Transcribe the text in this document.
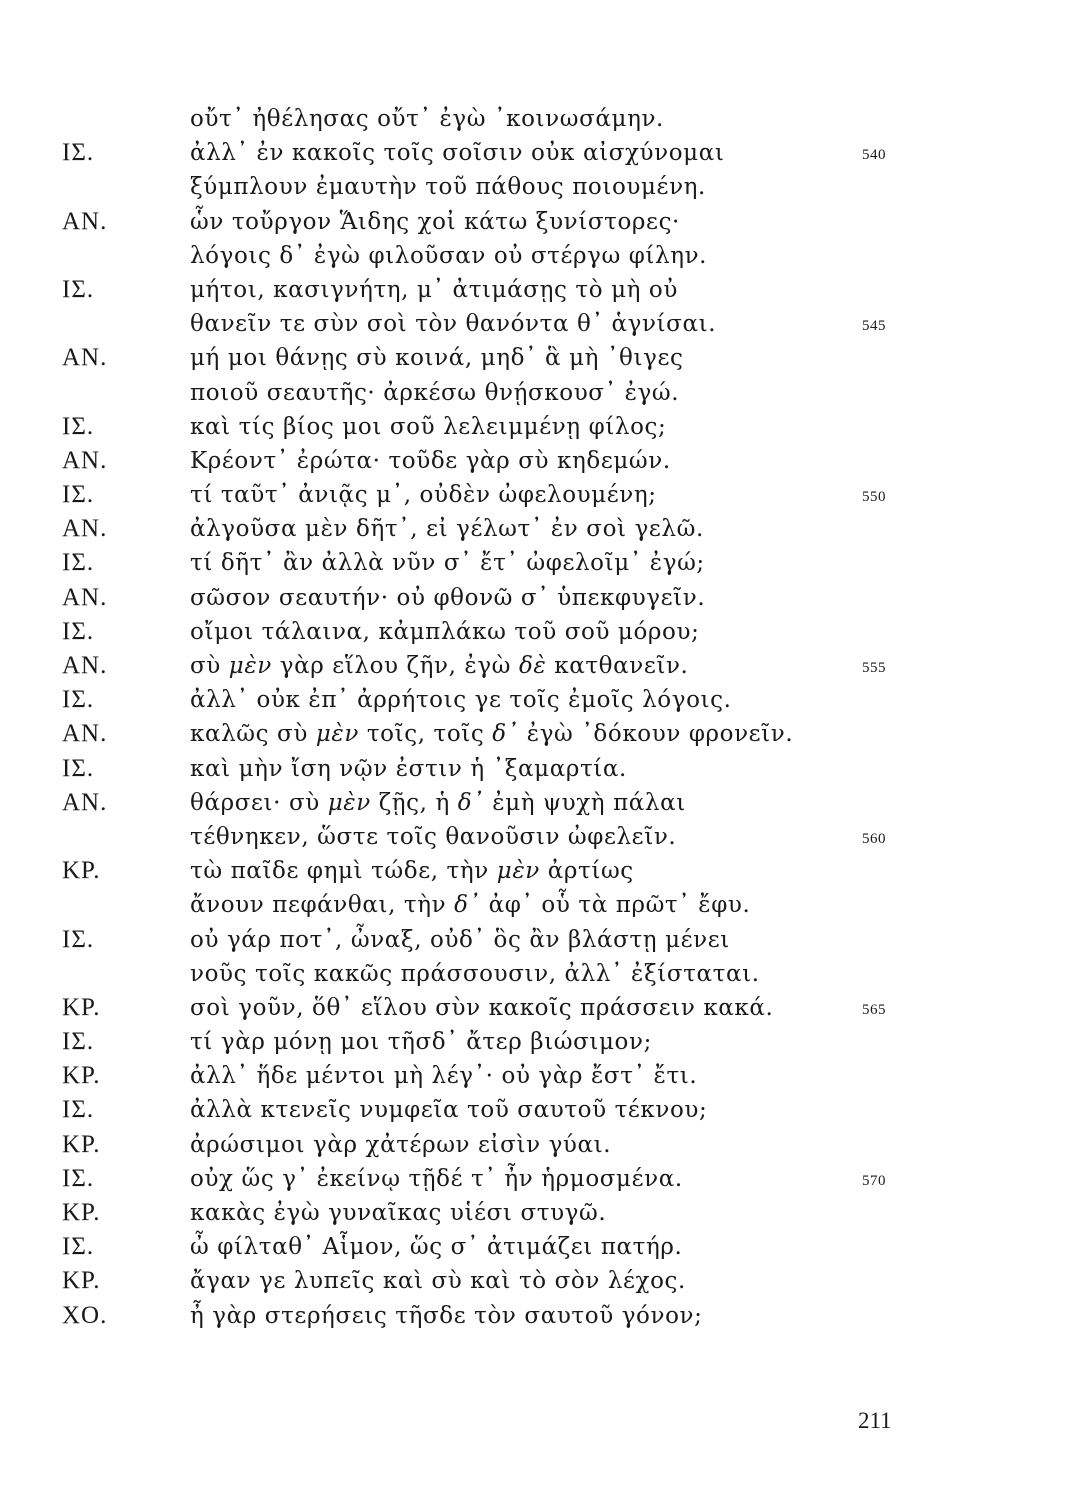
οὔτ᾽ ἠθέλησας οὔτ᾽ ἐγὼ ᾽κοινωσάμην.
ΙΣ.	ἀλλ᾽ ἐν κακοῖς τοῖς σοῖσιν οὐκ αἰσχύνομαι	540
ξύμπλουν ἐμαυτὴν τοῦ πάθους ποιουμένη.
ΑΝ.	ὧν τοὔργον Ἅιδης χοἰ κάτω ξυνίστορες·
λόγοις δ᾽ ἐγὼ φιλοῦσαν οὐ στέργω φίλην.
ΙΣ.	μήτοι, κασιγνήτη, μ᾽ ἀτιμάσῃς τὸ μὴ οὐ
θανεῖν τε σὺν σοὶ τὸν θανόντα θ᾽ ἁγνίσαι.	545
ΑΝ.	μή μοι θάνῃς σὺ κοινά, μηδ᾽ ἃ μὴ ᾽θιγες
ποιοῦ σεαυτῆς· ἀρκέσω θνῄσκουσ᾽ ἐγώ.
ΙΣ.	καὶ τίς βίος μοι σοῦ λελειμμένῃ φίλος;
ΑΝ.	Κρέοντ᾽ ἐρώτα· τοῦδε γὰρ σὺ κηδεμών.
ΙΣ.	τί ταῦτ᾽ ἀνιᾷς μ᾽, οὐδὲν ὠφελουμένη;	550
ΑΝ.	ἀλγοῦσα μὲν δῆτ᾽, εἰ γέλωτ᾽ ἐν σοὶ γελῶ.
ΙΣ.	τί δῆτ᾽ ἂν ἀλλὰ νῦν σ᾽ ἔτ᾽ ὠφελοῖμ᾽ ἐγώ;
ΑΝ.	σῶσον σεαυτήν· οὐ φθονῶ σ᾽ ὑπεκφυγεῖν.
ΙΣ.	οἴμοι τάλαινα, κἀμπλάκω τοῦ σοῦ μόρου;
ΑΝ.	σὺ μὲν γὰρ εἵλου ζῆν, ἐγὼ δὲ κατθανεῖν.	555
ΙΣ.	ἀλλ᾽ οὐκ ἐπ᾽ ἀρρήτοις γε τοῖς ἐμοῖς λόγοις.
ΑΝ.	καλῶς σὺ μὲν τοῖς, τοῖς δ᾽ ἐγὼ ᾽δόκουν φρονεῖν.
ΙΣ.	καὶ μὴν ἴση νῷν ἐστιν ἡ ᾽ξαμαρτία.
ΑΝ.	θάρσει· σὺ μὲν ζῇς, ἡ δ᾽ ἐμὴ ψυχὴ πάλαι
τέθνηκεν, ὥστε τοῖς θανοῦσιν ὠφελεῖν.	560
ΚΡ.	τὼ παῖδε φημὶ τώδε, τὴν μὲν ἀρτίως
ἄνουν πεφάνθαι, τὴν δ᾽ ἀφ᾽ οὗ τὰ πρῶτ᾽ ἔφυ.
ΙΣ.	οὐ γάρ ποτ᾽, ὦναξ, οὐδ᾽ ὃς ἂν βλάστῃ μένει
νοῦς τοῖς κακῶς πράσσουσιν, ἀλλ᾽ ἐξίσταται.
ΚΡ.	σοὶ γοῦν, ὅθ᾽ εἵλου σὺν κακοῖς πράσσειν κακά.	565
ΙΣ.	τί γὰρ μόνῃ μοι τῆσδ᾽ ἄτερ βιώσιμον;
ΚΡ.	ἀλλ᾽ ἥδε μέντοι μὴ λέγ᾽· οὐ γὰρ ἔστ᾽ ἔτι.
ΙΣ.	ἀλλὰ κτενεῖς νυμφεῖα τοῦ σαυτοῦ τέκνου;
ΚΡ.	ἀρώσιμοι γὰρ χἀτέρων εἰσὶν γύαι.
ΙΣ.	οὐχ ὥς γ᾽ ἐκείνῳ τῇδέ τ᾽ ἦν ἡρμοσμένα.	570
ΚΡ.	κακὰς ἐγὼ γυναῖκας υἱέσι στυγῶ.
ΙΣ.	ὦ φίλταθ᾽ Αἷμον, ὥς σ᾽ ἀτιμάζει πατήρ.
ΚΡ.	ἄγαν γε λυπεῖς καὶ σὺ καὶ τὸ σὸν λέχος.
ΧΟ.	ἦ γὰρ στερήσεις τῆσδε τὸν σαυτοῦ γόνον;
211
